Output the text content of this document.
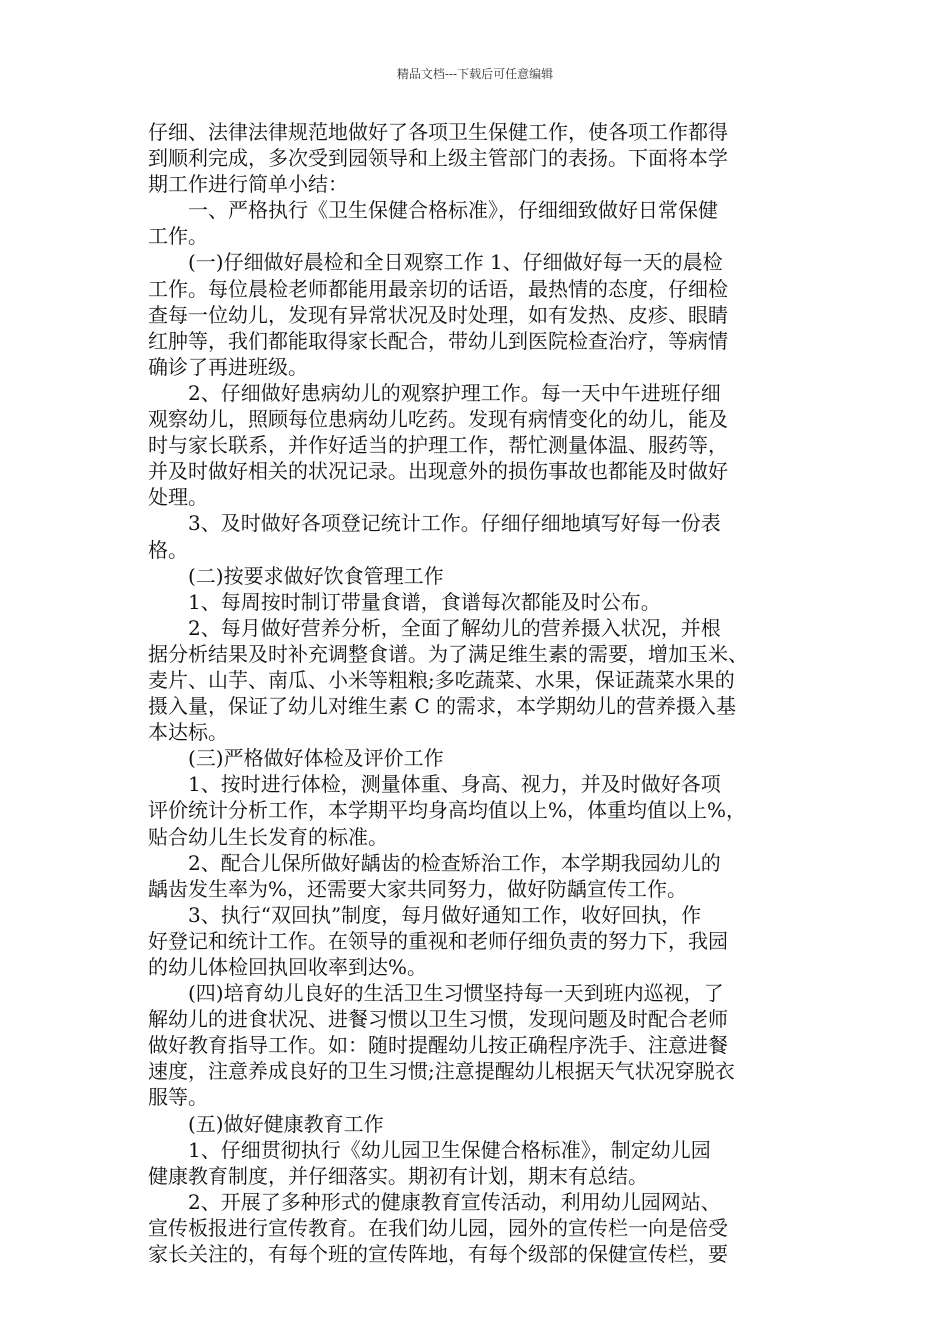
精品文档---下载后可任意编辑
仔细、法律法律规范地做好了各项卫生保健工作，使各项工作都得
到顺利完成，多次受到园领导和上级主管部门的表扬。下面将本学
期工作进行简单小结：
　　一、严格执行《卫生保健合格标准》，仔细细致做好日常保健
工作。
　　(一)仔细做好晨检和全日观察工作 1、仔细做好每一天的晨检
工作。每位晨检老师都能用最亲切的话语，最热情的态度，仔细检
查每一位幼儿，发现有异常状况及时处理，如有发热、皮疹、眼睛
红肿等，我们都能取得家长配合，带幼儿到医院检查治疗，等病情
确诊了再进班级。
　　2、仔细做好患病幼儿的观察护理工作。每一天中午进班仔细
观察幼儿，照顾每位患病幼儿吃药。发现有病情变化的幼儿，能及
时与家长联系，并作好适当的护理工作，帮忙测量体温、服药等，
并及时做好相关的状况记录。出现意外的损伤事故也都能及时做好
处理。
　　3、及时做好各项登记统计工作。仔细仔细地填写好每一份表
格。
　　(二)按要求做好饮食管理工作
　　1、每周按时制订带量食谱，食谱每次都能及时公布。
　　2、每月做好营养分析，全面了解幼儿的营养摄入状况，并根
据分析结果及时补充调整食谱。为了满足维生素的需要，增加玉米、
麦片、山芋、南瓜、小米等粗粮;多吃蔬菜、水果，保证蔬菜水果的
摄入量，保证了幼儿对维生素 C 的需求，本学期幼儿的营养摄入基
本达标。
　　(三)严格做好体检及评价工作
　　1、按时进行体检，测量体重、身高、视力，并及时做好各项
评价统计分析工作，本学期平均身高均值以上%，体重均值以上%，
贴合幼儿生长发育的标准。
　　2、配合儿保所做好龋齿的检查矫治工作，本学期我园幼儿的
龋齿发生率为%，还需要大家共同努力，做好防龋宣传工作。
　　3、执行“双回执”制度，每月做好通知工作，收好回执，作
好登记和统计工作。在领导的重视和老师仔细负责的努力下，我园
的幼儿体检回执回收率到达%。
　　(四)培育幼儿良好的生活卫生习惯坚持每一天到班内巡视，了
解幼儿的进食状况、进餐习惯以卫生习惯，发现问题及时配合老师
做好教育指导工作。如：随时提醒幼儿按正确程序洗手、注意进餐
速度，注意养成良好的卫生习惯;注意提醒幼儿根据天气状况穿脱衣
服等。
　　(五)做好健康教育工作
　　1、仔细贯彻执行《幼儿园卫生保健合格标准》，制定幼儿园
健康教育制度，并仔细落实。期初有计划，期末有总结。
　　2、开展了多种形式的健康教育宣传活动，利用幼儿园网站、
宣传板报进行宣传教育。在我们幼儿园，园外的宣传栏一向是倍受
家长关注的，有每个班的宣传阵地，有每个级部的保健宣传栏，要
